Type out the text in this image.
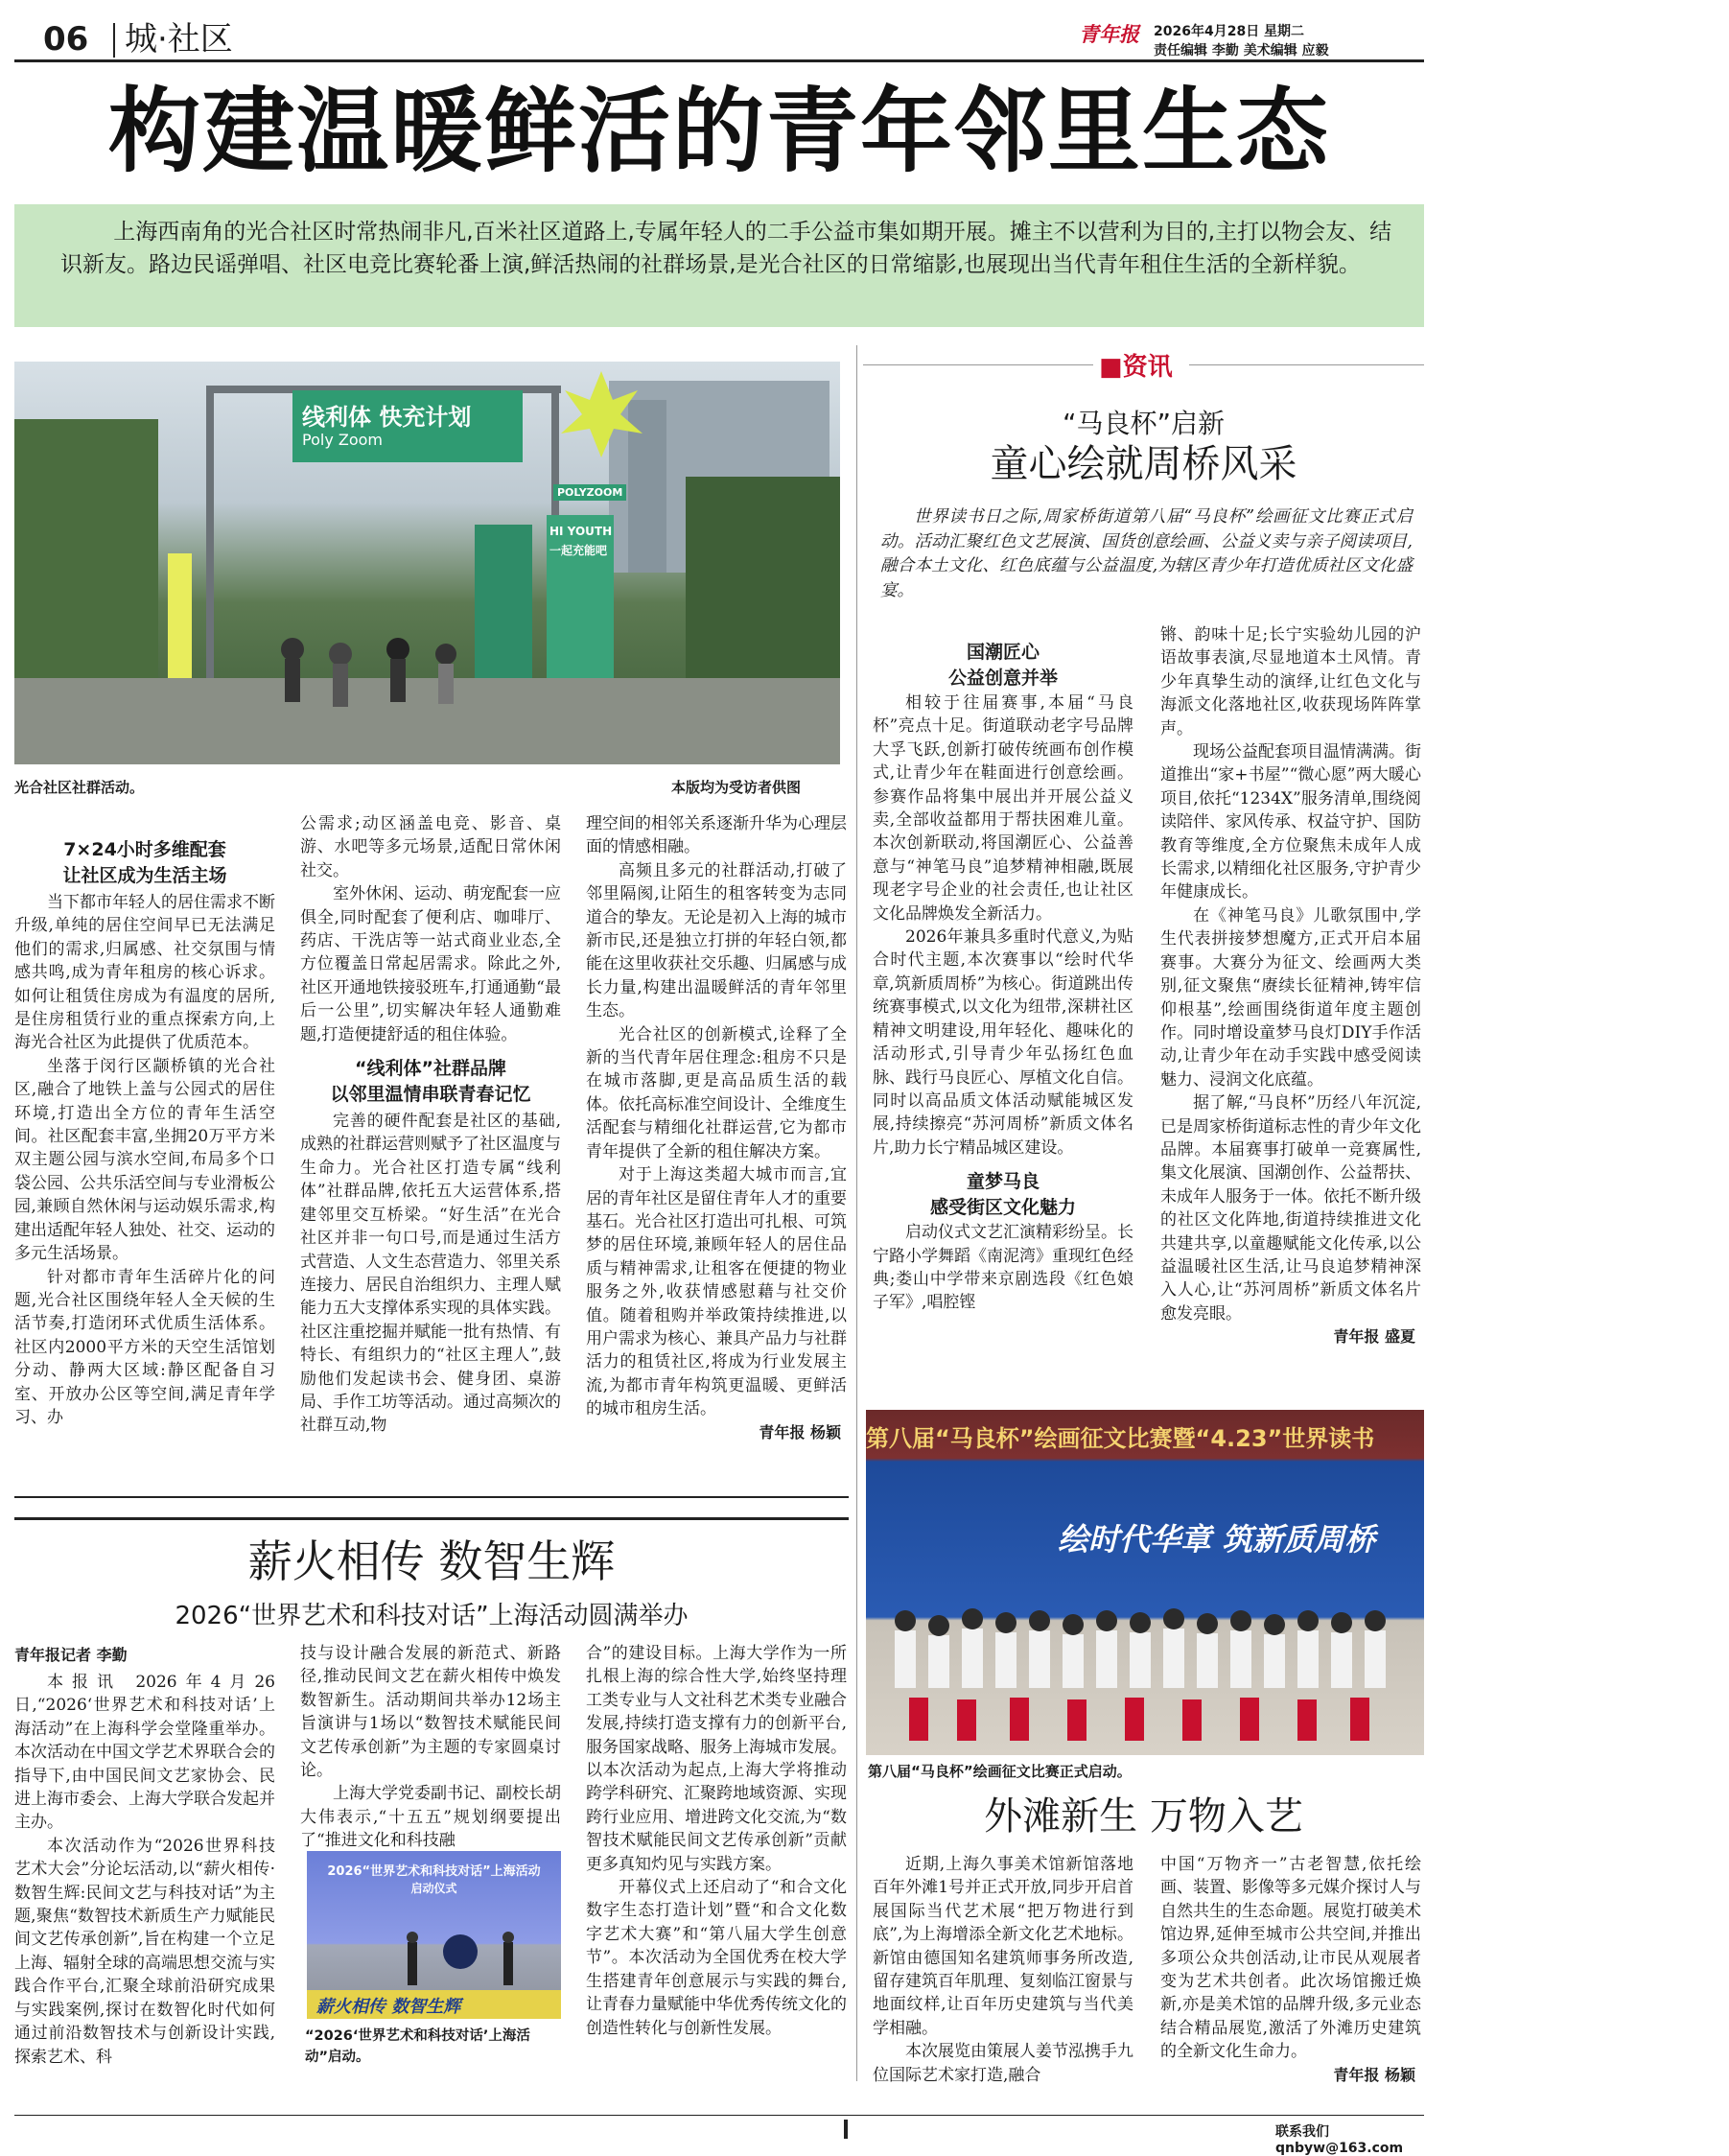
06 城·社区	青年报 2026年4月28日 星期二
责任编辑 李勤 美术编辑 应毅
构建温暖鲜活的青年邻里生态

上海西南角的光合社区时常热闹非凡,百米社区道路上,专属年轻人的二手公益市集如期开展。摊主不以营利为目的,主打以物会友、结识新友。路边民谣弹唱、社区电竞比赛轮番上演,鲜活热闹的社群场景,是光合社区的日常缩影,也展现出当代青年租住生活的全新样貌。

线利体 快充计划
Poly Zoom
HI YOUTH
一起充能吧
POLYZOOM
光合社区社群活动。	本版均为受访者供图

7×24小时多维配套
让社区成为生活主场

当下都市年轻人的居住需求不断升级,单纯的居住空间早已无法满足他们的需求,归属感、社交氛围与情感共鸣,成为青年租房的核心诉求。如何让租赁住房成为有温度的居所,是住房租赁行业的重点探索方向,上海光合社区为此提供了优质范本。

坐落于闵行区颛桥镇的光合社区,融合了地铁上盖与公园式的居住环境,打造出全方位的青年生活空间。社区配套丰富,坐拥20万平方米双主题公园与滨水空间,布局多个口袋公园、公共乐活空间与专业滑板公园,兼顾自然休闲与运动娱乐需求,构建出适配年轻人独处、社交、运动的多元生活场景。

针对都市青年生活碎片化的问题,光合社区围绕年轻人全天候的生活节奏,打造闭环式优质生活体系。社区内2000平方米的天空生活馆划分动、静两大区域:静区配备自习室、开放办公区等空间,满足青年学习、办

公需求;动区涵盖电竞、影音、桌游、水吧等多元场景,适配日常休闲社交。

室外休闲、运动、萌宠配套一应俱全,同时配套了便利店、咖啡厅、药店、干洗店等一站式商业业态,全方位覆盖日常起居需求。除此之外,社区开通地铁接驳班车,打通通勤“最后一公里”,切实解决年轻人通勤难题,打造便捷舒适的租住体验。

“线利体”社群品牌
以邻里温情串联青春记忆

完善的硬件配套是社区的基础,成熟的社群运营则赋予了社区温度与生命力。光合社区打造专属“线利体”社群品牌,依托五大运营体系,搭建邻里交互桥梁。“好生活”在光合社区并非一句口号,而是通过生活方式营造、人文生态营造力、邻里关系连接力、居民自治组织力、主理人赋能力五大支撑体系实现的具体实践。社区注重挖掘并赋能一批有热情、有特长、有组织力的“社区主理人”,鼓励他们发起读书会、健身团、桌游局、手作工坊等活动。通过高频次的社群互动,物

理空间的相邻关系逐渐升华为心理层面的情感相融。

高频且多元的社群活动,打破了邻里隔阂,让陌生的租客转变为志同道合的挚友。无论是初入上海的城市新市民,还是独立打拼的年轻白领,都能在这里收获社交乐趣、归属感与成长力量,构建出温暖鲜活的青年邻里生态。

光合社区的创新模式,诠释了全新的当代青年居住理念:租房不只是在城市落脚,更是高品质生活的载体。依托高标准空间设计、全维度生活配套与精细化社群运营,它为都市青年提供了全新的租住解决方案。

对于上海这类超大城市而言,宜居的青年社区是留住青年人才的重要基石。光合社区打造出可扎根、可筑梦的居住环境,兼顾年轻人的居住品质与精神需求,让租客在便捷的物业服务之外,收获情感慰藉与社交价值。随着租购并举政策持续推进,以用户需求为核心、兼具产品力与社群活力的租赁社区,将成为行业发展主流,为都市青年构筑更温暖、更鲜活的城市租房生活。

青年报 杨颖

■资讯
“马良杯”启新
童心绘就周桥风采

世界读书日之际,周家桥街道第八届“马良杯”绘画征文比赛正式启动。活动汇聚红色文艺展演、国货创意绘画、公益义卖与亲子阅读项目,融合本土文化、红色底蕴与公益温度,为辖区青少年打造优质社区文化盛宴。

国潮匠心
公益创意并举

相较于往届赛事,本届“马良杯”亮点十足。街道联动老字号品牌大孚飞跃,创新打破传统画布创作模式,让青少年在鞋面进行创意绘画。参赛作品将集中展出并开展公益义卖,全部收益都用于帮扶困难儿童。本次创新联动,将国潮匠心、公益善意与“神笔马良”追梦精神相融,既展现老字号企业的社会责任,也让社区文化品牌焕发全新活力。

2026年兼具多重时代意义,为贴合时代主题,本次赛事以“绘时代华章,筑新质周桥”为核心。街道跳出传统赛事模式,以文化为纽带,深耕社区精神文明建设,用年轻化、趣味化的活动形式,引导青少年弘扬红色血脉、践行马良匠心、厚植文化自信。同时以高品质文体活动赋能城区发展,持续擦亮“苏河周桥”新质文体名片,助力长宁精品城区建设。

童梦马良
感受街区文化魅力

启动仪式文艺汇演精彩纷呈。长宁路小学舞蹈《南泥湾》重现红色经典;娄山中学带来京剧选段《红色娘子军》,唱腔铿

锵、韵味十足;长宁实验幼儿园的沪语故事表演,尽显地道本土风情。青少年真挚生动的演绎,让红色文化与海派文化落地社区,收获现场阵阵掌声。

现场公益配套项目温情满满。街道推出“家+书屋”“微心愿”两大暖心项目,依托“1234X”服务清单,围绕阅读陪伴、家风传承、权益守护、国防教育等维度,全方位聚焦未成年人成长需求,以精细化社区服务,守护青少年健康成长。

在《神笔马良》儿歌氛围中,学生代表拼接梦想魔方,正式开启本届赛事。大赛分为征文、绘画两大类别,征文聚焦“赓续长征精神,铸牢信仰根基”,绘画围绕街道年度主题创作。同时增设童梦马良灯DIY手作活动,让青少年在动手实践中感受阅读魅力、浸润文化底蕴。

据了解,“马良杯”历经八年沉淀,已是周家桥街道标志性的青少年文化品牌。本届赛事打破单一竞赛属性,集文化展演、国潮创作、公益帮扶、未成年人服务于一体。依托不断升级的社区文化阵地,街道持续推进文化共建共享,以童趣赋能文化传承,以公益温暖社区生活,让马良追梦精神深入人心,让“苏河周桥”新质文体名片愈发亮眼。

青年报 盛夏

第八届“马良杯”绘画征文比赛暨“4.23”世界读书
绘时代华章 筑新质周桥
第八届“马良杯”绘画征文比赛正式启动。
薪火相传 数智生辉
2026“世界艺术和科技对话”上海活动圆满举办
青年报记者 李勤

本报讯 2026年4月26日,“2026‘世界艺术和科技对话’上海活动”在上海科学会堂隆重举办。本次活动在中国文学艺术界联合会的指导下,由中国民间文艺家协会、民进上海市委会、上海大学联合发起并主办。

本次活动作为“2026世界科技艺术大会”分论坛活动,以“薪火相传·数智生辉:民间文艺与科技对话”为主题,聚焦“数智技术新质生产力赋能民间文艺传承创新”,旨在构建一个立足上海、辐射全球的高端思想交流与实践合作平台,汇聚全球前沿研究成果与实践案例,探讨在数智化时代如何通过前沿数智技术与创新设计实践,探索艺术、科

技与设计融合发展的新范式、新路径,推动民间文艺在薪火相传中焕发数智新生。活动期间共举办12场主旨演讲与1场以“数智技术赋能民间文艺传承创新”为主题的专家圆桌讨论。

上海大学党委副书记、副校长胡大伟表示,“十五五”规划纲要提出了“推进文化和科技融

2026“世界艺术和科技对话”上海活动
启动仪式
薪火相传 数智生辉
“2026‘世界艺术和科技对话’上海活动”启动。

合”的建设目标。上海大学作为一所扎根上海的综合性大学,始终坚持理工类专业与人文社科艺术类专业融合发展,持续打造支撑有力的创新平台,服务国家战略、服务上海城市发展。以本次活动为起点,上海大学将推动跨学科研究、汇聚跨地域资源、实现跨行业应用、增进跨文化交流,为“数智技术赋能民间文艺传承创新”贡献更多真知灼见与实践方案。

开幕仪式上还启动了“和合文化数字生态打造计划”暨“和合文化数字艺术大赛”和“第八届大学生创意节”。本次活动为全国优秀在校大学生搭建青年创意展示与实践的舞台,让青春力量赋能中华优秀传统文化的创造性转化与创新性发展。

外滩新生 万物入艺

近期,上海久事美术馆新馆落地百年外滩1号并正式开放,同步开启首展国际当代艺术展“把万物进行到底”,为上海增添全新文化艺术地标。新馆由德国知名建筑师事务所改造,留存建筑百年肌理、复刻临江窗景与地面纹样,让百年历史建筑与当代美学相融。

本次展览由策展人姜节泓携手九位国际艺术家打造,融合

中国“万物齐一”古老智慧,依托绘画、装置、影像等多元媒介探讨人与自然共生的生态命题。展览打破美术馆边界,延伸至城市公共空间,并推出多项公众共创活动,让市民从观展者变为艺术共创者。此次场馆搬迁焕新,亦是美术馆的品牌升级,多元业态结合精品展览,激活了外滩历史建筑的全新文化生命力。

青年报 杨颖

联系我们 qnbyw@163.com
